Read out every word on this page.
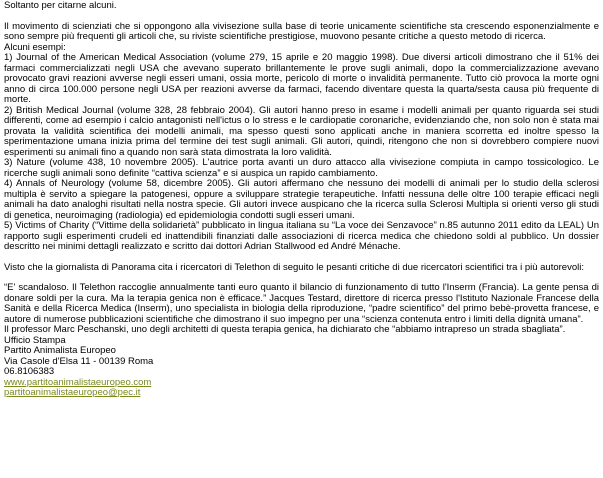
Soltanto per citarne alcuni.
Il movimento di scienziati che si oppongono alla vivisezione sulla base di teorie unicamente scientifiche sta crescendo esponenzialmente e sono sempre più frequenti gli articoli che, su riviste scientifiche prestigiose, muovono pesante critiche a questo metodo di ricerca.
Alcuni esempi:
1) Journal of the American Medical Association (volume 279, 15 aprile e 20 maggio 1998). Due diversi articoli dimostrano che il 51% dei farmaci commercializzati negli USA che avevano superato brillantemente le prove sugli animali, dopo la commercializzazione avevano provocato gravi reazioni avverse negli esseri umani, ossia morte, pericolo di morte o invalidità permanente. Tutto ciò provoca la morte ogni anno di circa 100.000 persone negli USA per reazioni avverse da farmaci, facendo diventare questa la quarta/sesta causa più frequente di morte.
2) British Medical Journal (volume 328, 28 febbraio 2004). Gli autori hanno preso in esame i modelli animali per quanto riguarda sei studi differenti, come ad esempio i calcio antagonisti nell'ictus o lo stress e le cardiopatie coronariche, evidenziando che, non solo non è stata mai provata la validità scientifica dei modelli animali, ma spesso questi sono applicati anche in maniera scorretta ed inoltre spesso la sperimentazione umana inizia prima del termine dei test sugli animali. Gli autori, quindi, ritengono che non si dovrebbero compiere nuovi esperimenti su animali fino a quando non sarà stata dimostrata la loro validità.
3) Nature (volume 438, 10 novembre 2005). L'autrice porta avanti un duro attacco alla vivisezione compiuta in campo tossicologico. Le ricerche sugli animali sono definite “cattiva scienza” e si auspica un rapido cambiamento.
4) Annals of Neurology (volume 58, dicembre 2005). Gli autori affermano che nessuno dei modelli di animali per lo studio della sclerosi multipla è servito a spiegare la patogenesi, oppure a sviluppare strategie terapeutiche. Infatti nessuna delle oltre 100 terapie efficaci negli animali ha dato analoghi risultati nella nostra specie. Gli autori invece auspicano che la ricerca sulla Sclerosi Multipla si orienti verso gli studi di genetica, neuroimaging (radiologia) ed epidemiologia condotti sugli esseri umani.
5) Victims of Charity (“Vittime della solidarietà” pubblicato in lingua italiana su “La voce dei Senzavoce” n.85 autunno 2011 edito da LEAL) Un rapporto sugli esperimenti crudeli ed inattendibili finanziati dalle associazioni di ricerca medica che chiedono soldi al pubblico. Un dossier descritto nei minimi dettagli realizzato e scritto dai dottori Adrian Stallwood ed André Ménache.
Visto che la giornalista di Panorama cita i ricercatori di Telethon di seguito le pesanti critiche di due ricercatori scientifici tra i più autorevoli:
“E' scandaloso. Il Telethon raccoglie annualmente tanti euro quanto il bilancio di funzionamento di tutto l'Inserm (Francia). La gente pensa di donare soldi per la cura. Ma la terapia genica non è efficace.” Jacques Testard, direttore di ricerca presso l'Istituto Nazionale Francese della Sanità e della Ricerca Medica (Inserm), uno specialista in biologia della riproduzione, “padre scientifico” del primo bebè-provetta francese, e autore di numerose pubblicazioni scientifiche che dimostrano il suo impegno per una “scienza contenuta entro i limiti della dignità umana”.
Il professor Marc Peschanski, uno degli architetti di questa terapia genica, ha dichiarato che “abbiamo intrapreso un strada sbagliata”.
Ufficio Stampa
Partito Animalista Europeo
Via Casole d'Elsa 11 - 00139 Roma
06.8106383
www.partitoanimalistaeuropeo.com
partitoanimalistaeuropeo@pec.it
